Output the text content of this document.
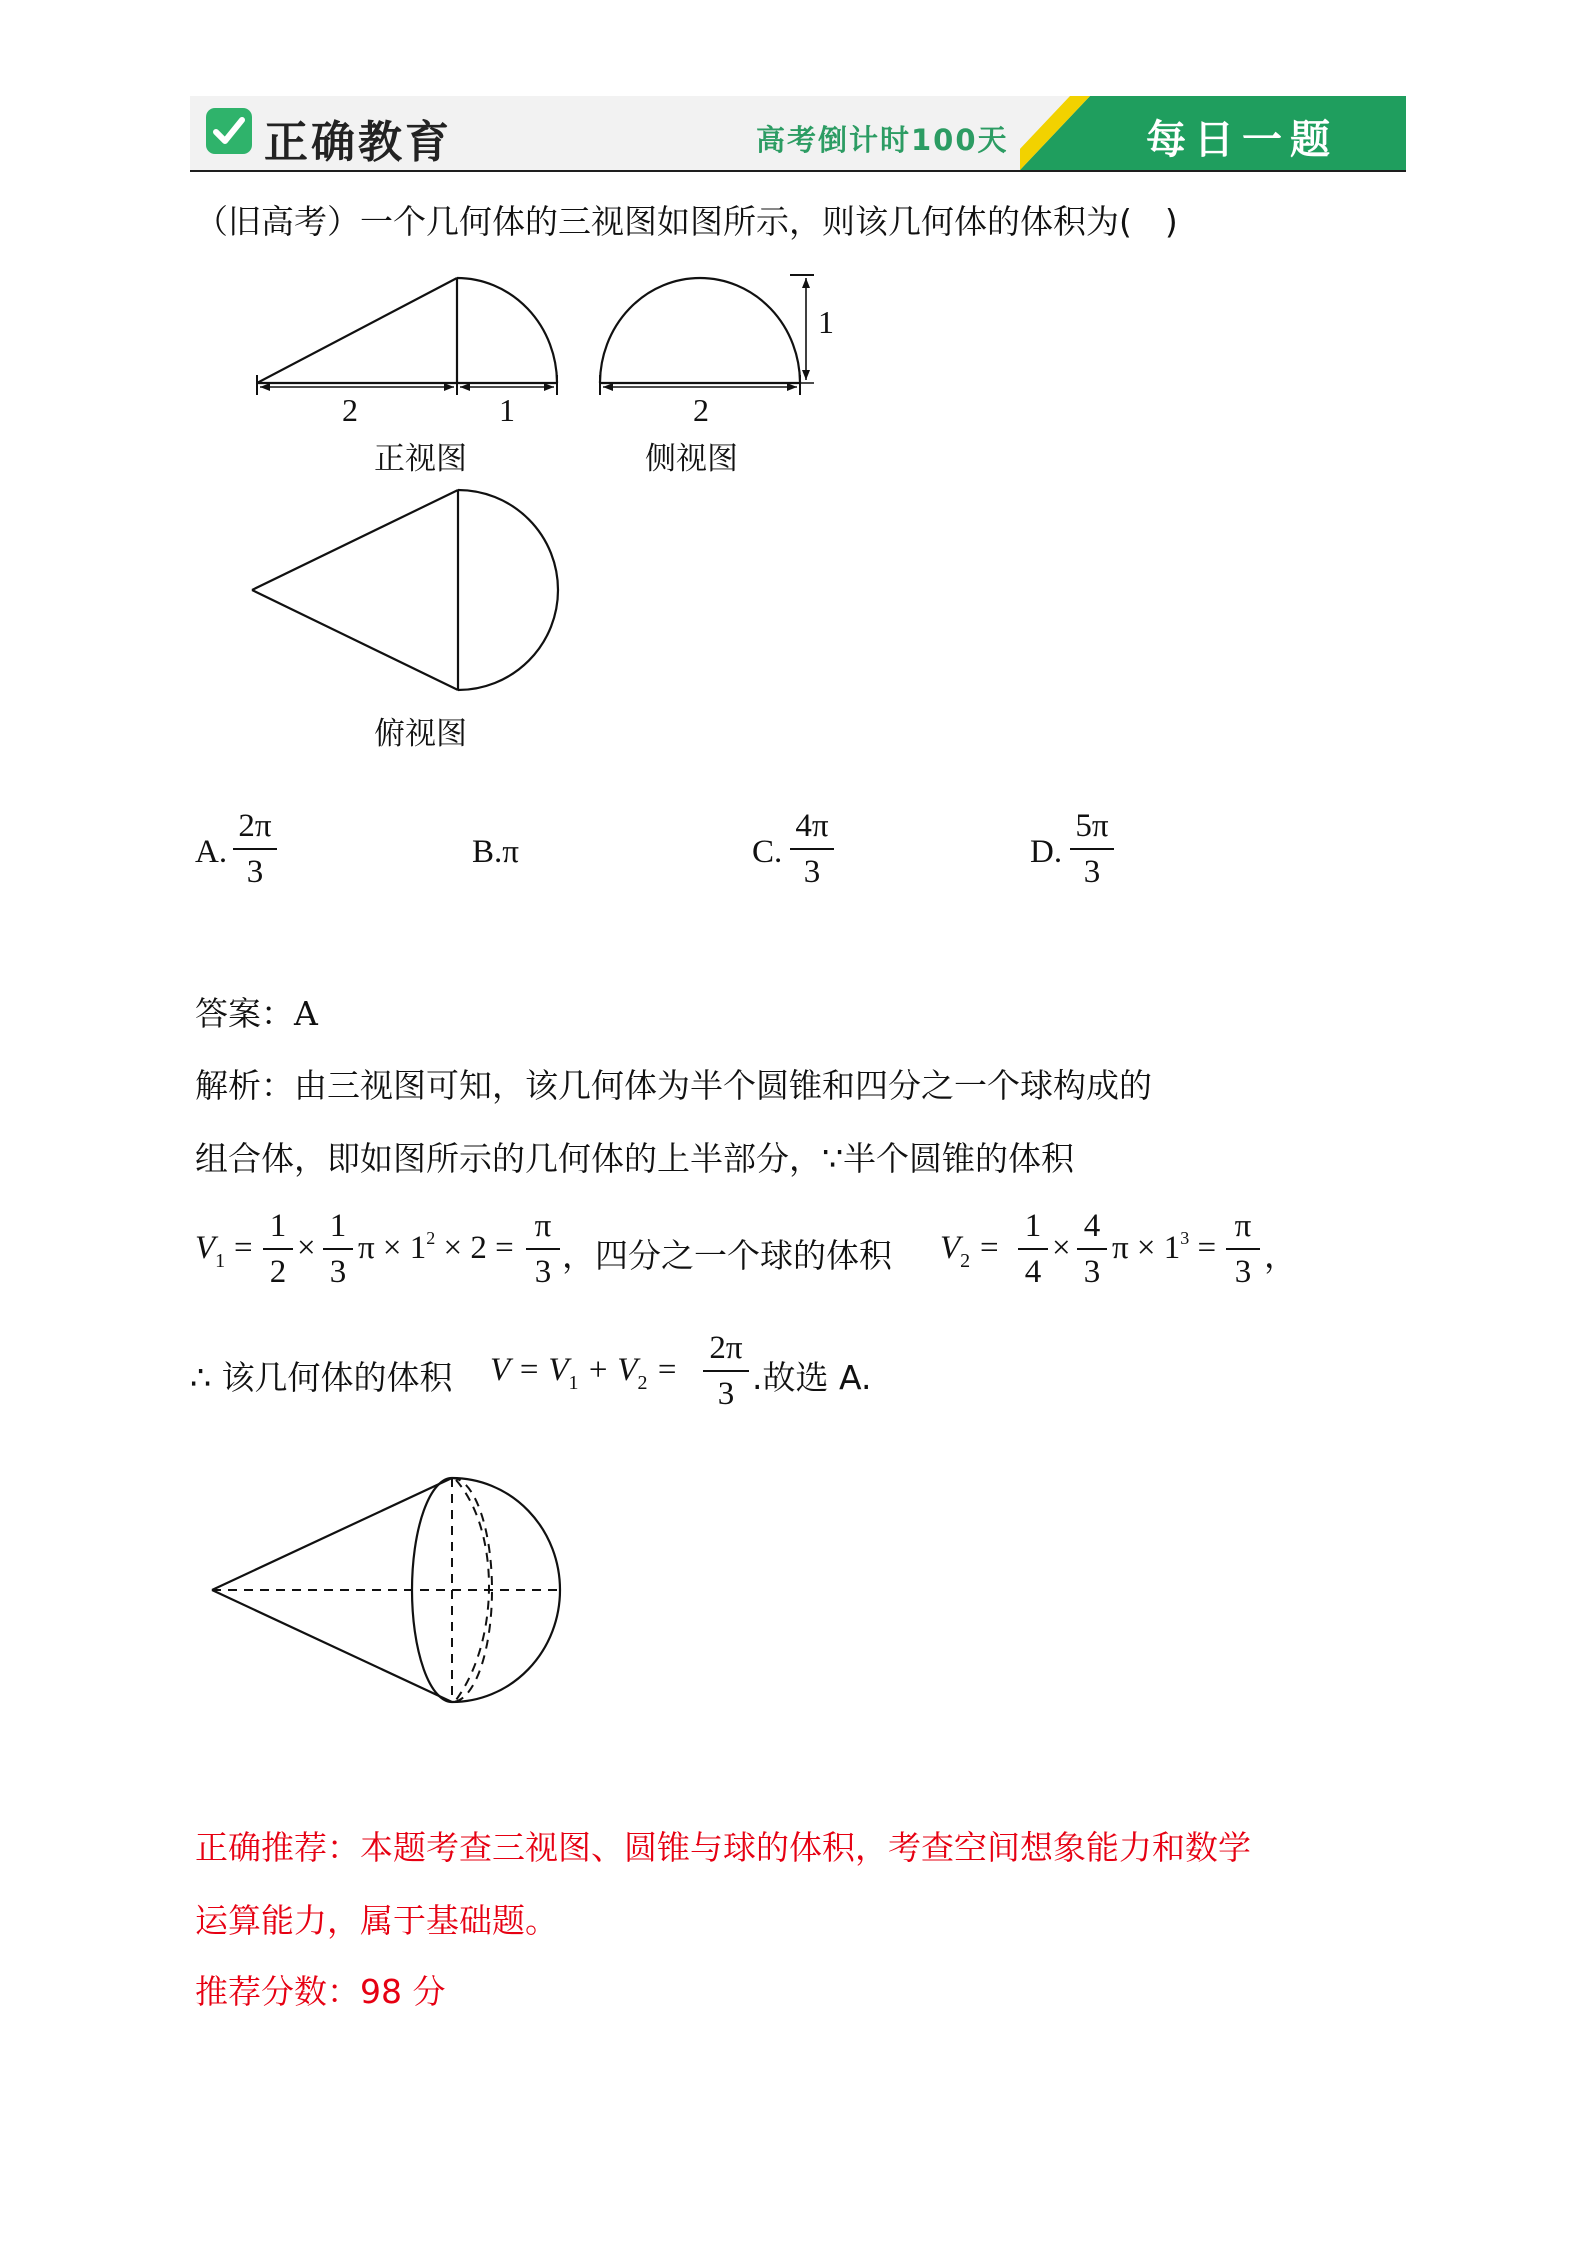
正确教育	高考倒计时100天	每日一题
（旧高考）一个几何体的三视图如图所示，则该几何体的体积为(　)
2	1
正视图
2
1
侧视图
俯视图
A.
2π
3
B.π	C.
4π
3
D.
5π
3
答案：A
解析：由三视图可知，该几何体为半个圆锥和四分之一个球构成的
组合体，即如图所示的几何体的上半部分，∵半个圆锥的体积
$V_1$ =
1
2
×
1
3
$\pi \times 1^2 \times 2$ =
π
3 ，四分之一个球的体积 $V_2$ =
1
4
×
4
3
$\pi \times 1^3$ =
π
3 ，
∴ 该几何体的体积 $V = V_1 + V_2$ =
2π
3 .故选 A.
正确推荐：本题考查三视图、圆锥与球的体积，考查空间想象能力和数学
运算能力，属于基础题。
推荐分数：98 分
